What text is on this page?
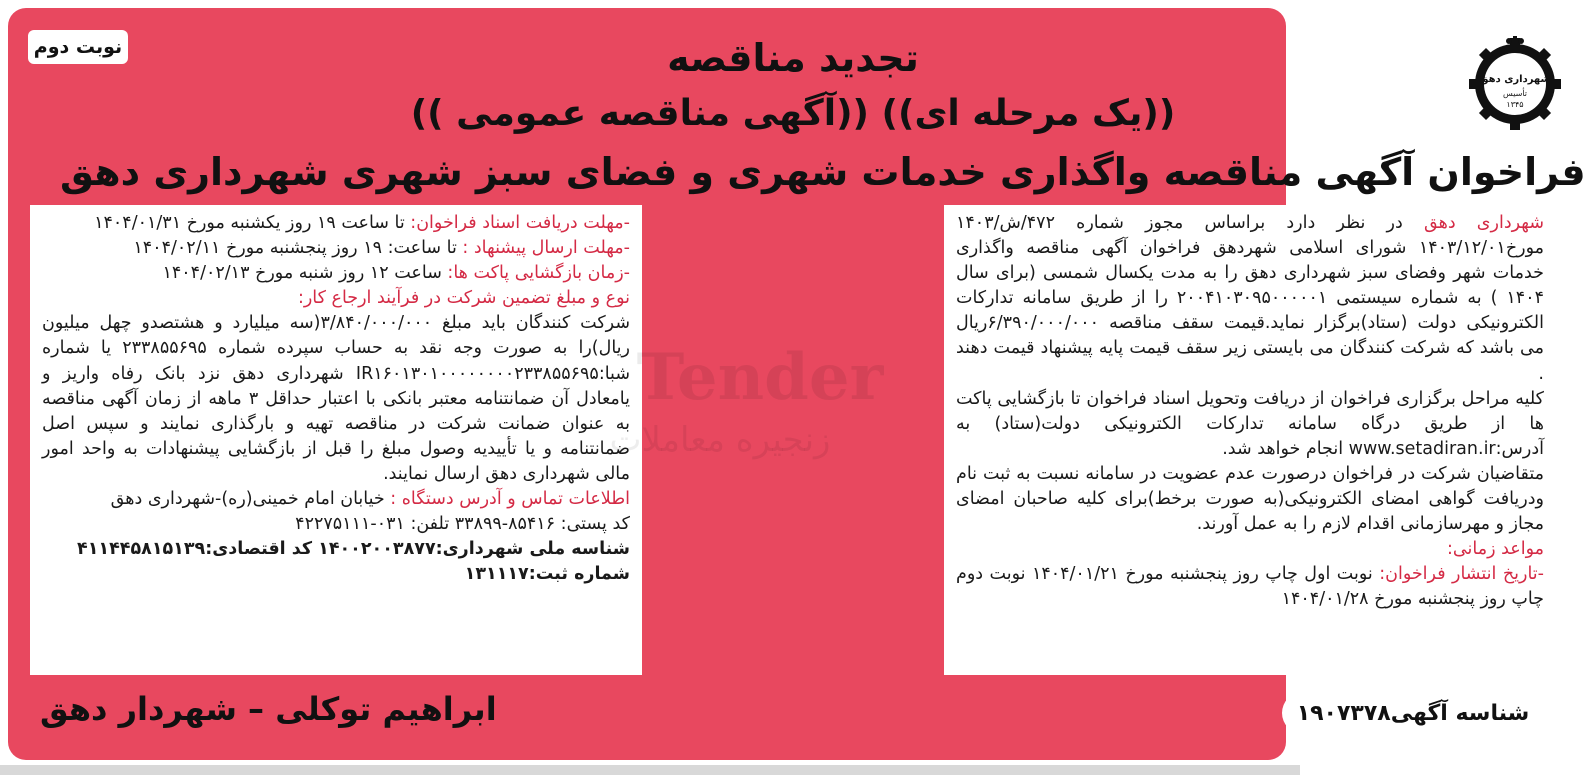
نوبت دوم
شهرداری دهق
تأسیس
۱۳۴۵
تجدید مناقصه
(( آگهی مناقصه عمومی)) ((یک مرحله ای))
فراخوان آگهی مناقصه واگذاری خدمات شهری و فضای سبز شهری شهرداری دهق

شهرداری دهق در نظر دارد براساس مجوز شماره ۴۷۲/ش/۱۴۰۳ مورخ۱۴۰۳/۱۲/۰۱ شورای اسلامی شهردهق فراخوان آگهی مناقصه واگذاری خدمات شهر وفضای سبز شهرداری دهق را به مدت یکسال شمسی (برای سال ۱۴۰۴ ) به شماره سیستمی ۲۰۰۴۱۰۳۰۹۵۰۰۰۰۰۱ را از طریق سامانه تدارکات الکترونیکی دولت (ستاد)برگزار نماید.قیمت سقف مناقصه ۶/۳۹۰/۰۰۰/۰۰۰ریال می باشد که شرکت کنندگان می بایستی زیر سقف قیمت پایه پیشنهاد قیمت دهند .

کلیه مراحل برگزاری فراخوان از دریافت وتحویل اسناد فراخوان تا بازگشایی پاکت ها از طریق درگاه سامانه تدارکات الکترونیکی دولت(ستاد) به آدرس:www.setadiran.ir انجام خواهد شد.

متقاضیان شرکت در فراخوان درصورت عدم عضویت در سامانه نسبت به ثبت نام ودریافت گواهی امضای الکترونیکی(به صورت برخط)برای کلیه صاحبان امضای مجاز و مهرسازمانی اقدام لازم را به عمل آورند.

مواعد زمانی:

-تاریخ انتشار فراخوان: نوبت اول چاپ روز پنجشنبه مورخ ۱۴۰۴/۰۱/۲۱ نوبت دوم چاپ روز پنجشنبه مورخ ۱۴۰۴/۰۱/۲۸

-مهلت دریافت اسناد فراخوان: تا ساعت ۱۹ روز یکشنبه مورخ ۱۴۰۴/۰۱/۳۱

-مهلت ارسال پیشنهاد : تا ساعت: ۱۹ روز پنجشنبه مورخ ۱۴۰۴/۰۲/۱۱

-زمان بازگشایی پاکت ها: ساعت ۱۲ روز شنبه مورخ ۱۴۰۴/۰۲/۱۳

نوع و مبلغ تضمین شرکت در فرآیند ارجاع کار:

شرکت کنندگان باید مبلغ ۳/۸۴۰/۰۰۰/۰۰۰(سه میلیارد و هشتصدو چهل میلیون ریال)را به صورت وجه نقد به حساب سپرده شماره ۲۳۳۸۵۵۶۹۵ یا شماره شبا:IR۱۶۰۱۳۰۱۰۰۰۰۰۰۰۰۲۳۳۸۵۵۶۹۵ شهرداری دهق نزد بانک رفاه واریز و یامعادل آن ضمانتنامه معتبر بانکی با اعتبار حداقل ۳ ماهه از زمان آگهی مناقصه به عنوان ضمانت شرکت در مناقصه تهیه و بارگذاری نمایند و سپس اصل ضمانتنامه و یا تأییدیه وصول مبلغ را قبل از بازگشایی پیشنهادات به واحد امور مالی شهرداری دهق ارسال نمایند.

اطلاعات تماس و آدرس دستگاه : خیابان امام خمینی(ره)-شهرداری دهق

کد پستی: ۸۵۴۱۶-۳۳۸۹۹ تلفن: ۰۳۱-۴۲۲۷۵۱۱۱

شناسه ملی شهرداری:۱۴۰۰۲۰۰۳۸۷۷ کد اقتصادی:۴۱۱۴۴۵۸۱۵۱۳۹

شماره ثبت:۱۳۱۱۱۷

ابراهیم توکلی – شهردار دهق	شناسه آگهی۱۹۰۷۳۷۸
